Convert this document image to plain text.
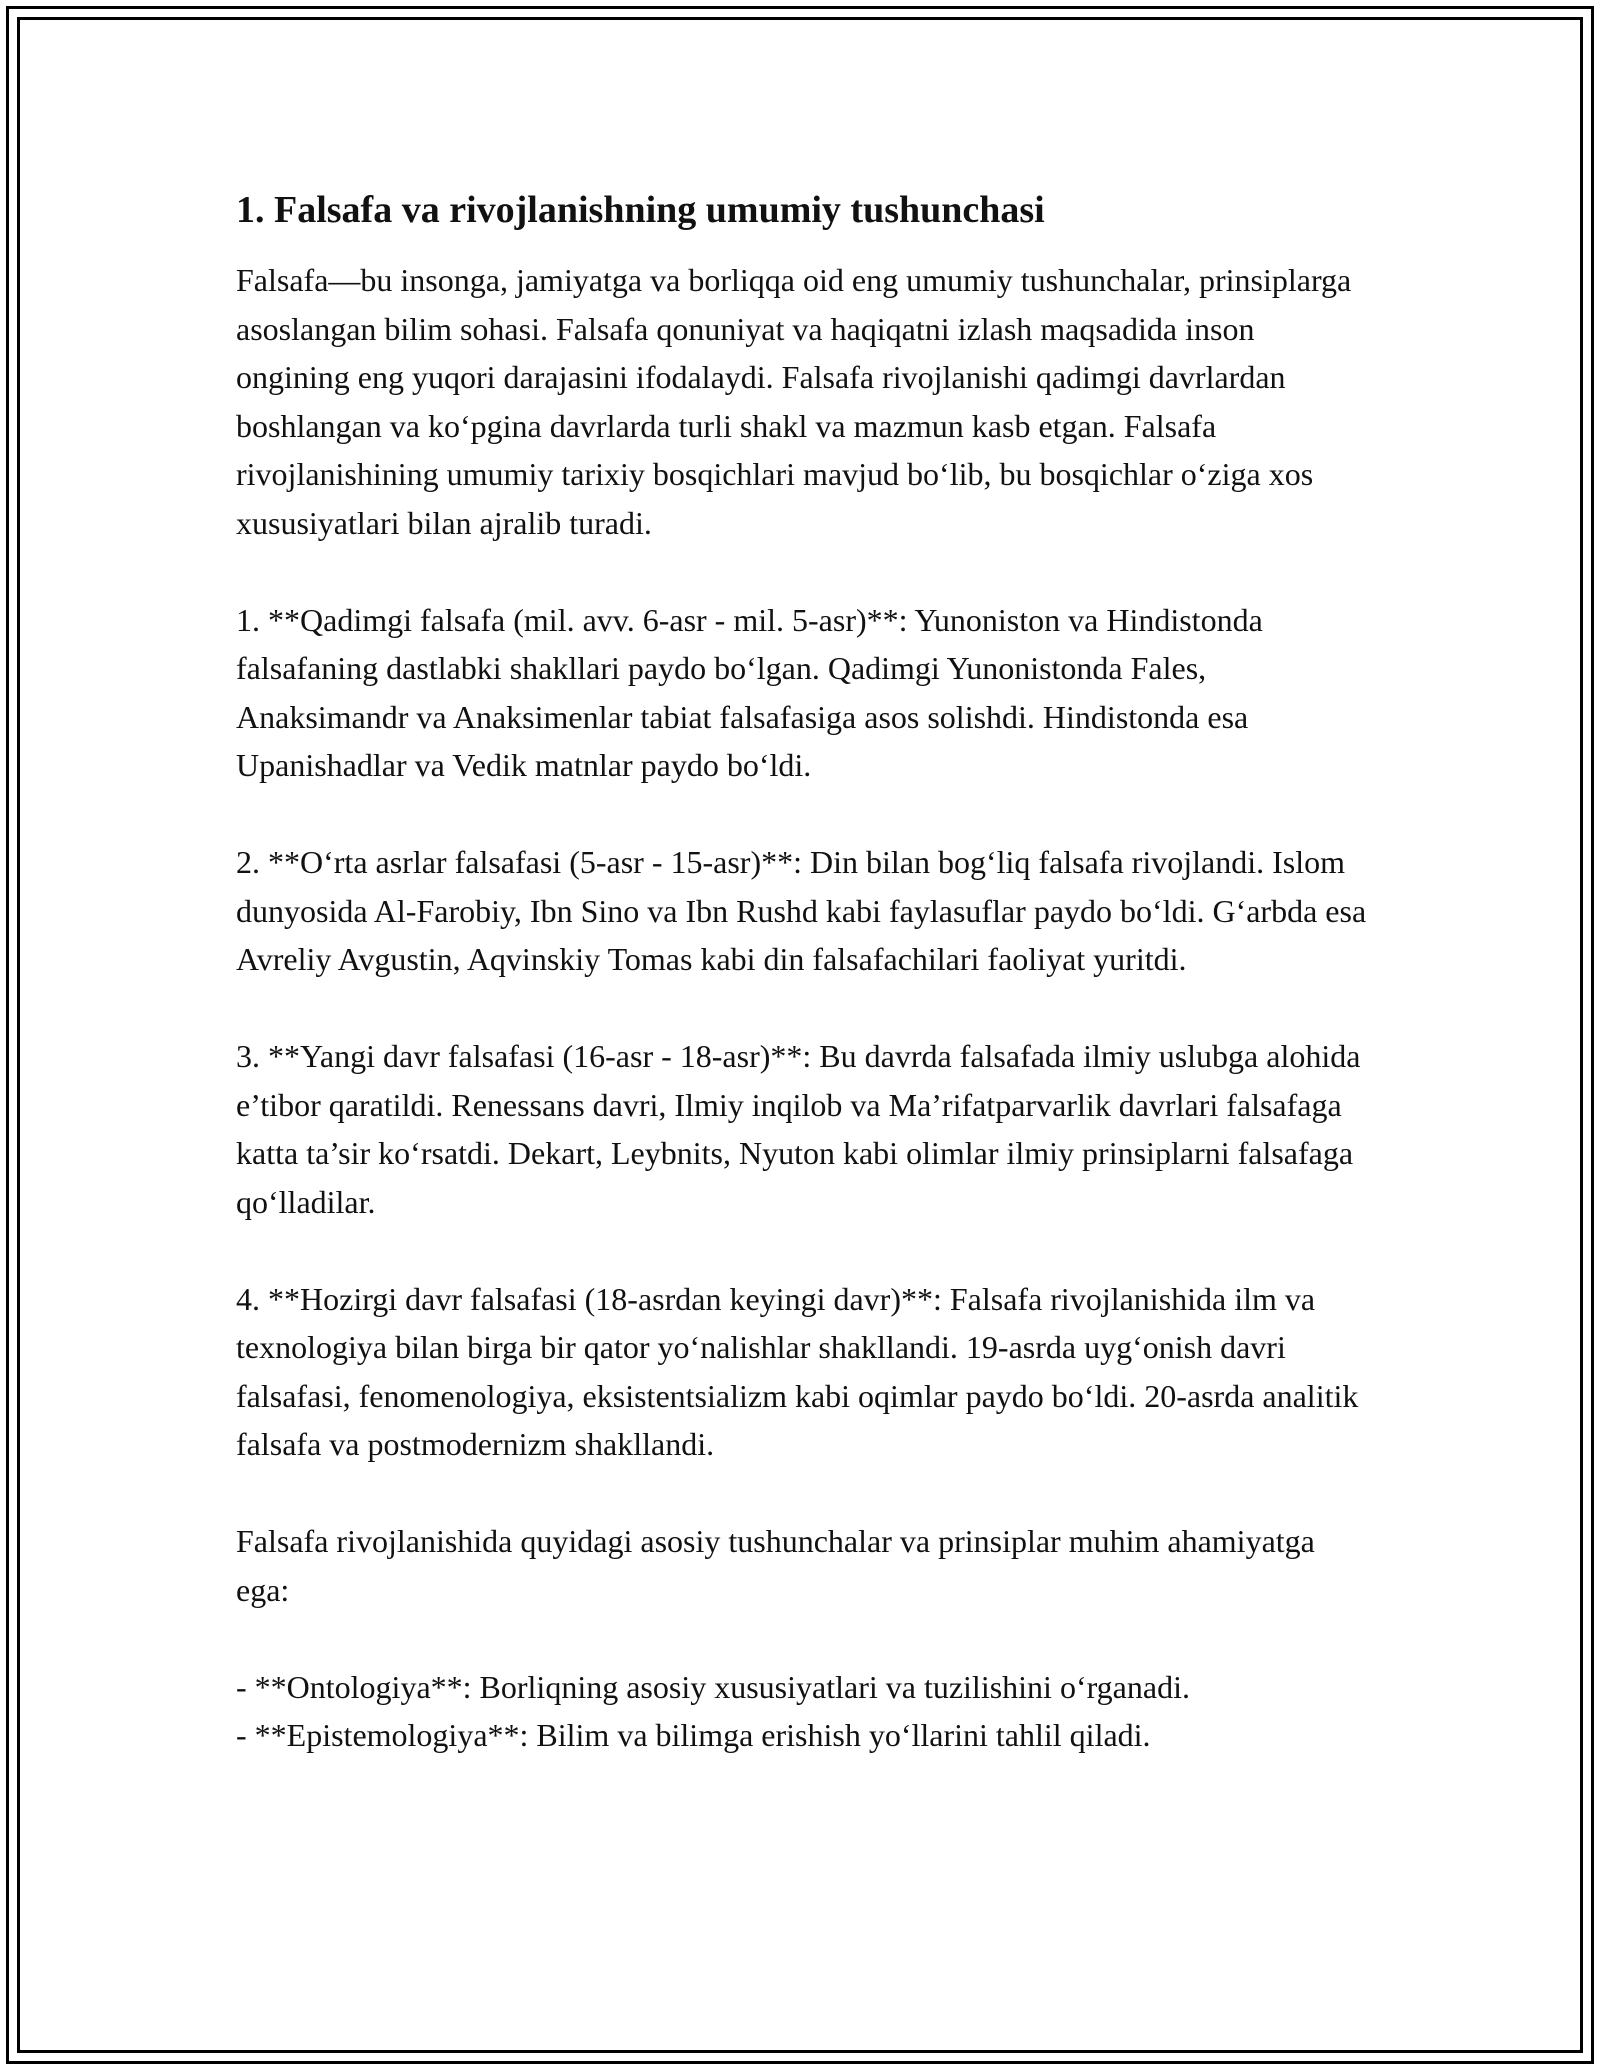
1. Falsafa va rivojlanishning umumiy tushunchasi
Falsafa—bu insonga, jamiyatga va borliqqa oid eng umumiy tushunchalar, prinsiplarga asoslangan bilim sohasi. Falsafa qonuniyat va haqiqatni izlash maqsadida inson ongining eng yuqori darajasini ifodalaydi. Falsafa rivojlanishi qadimgi davrlardan boshlangan va ko‘pgina davrlarda turli shakl va mazmun kasb etgan. Falsafa rivojlanishining umumiy tarixiy bosqichlari mavjud bo‘lib, bu bosqichlar o‘ziga xos xususiyatlari bilan ajralib turadi.
1. **Qadimgi falsafa (mil. avv. 6-asr - mil. 5-asr)**: Yunoniston va Hindistonda falsafaning dastlabki shakllari paydo bo‘lgan. Qadimgi Yunonistonda Fales, Anaksimandr va Anaksimenlar tabiat falsafasiga asos solishdi. Hindistonda esa Upanishadlar va Vedik matnlar paydo bo‘ldi.
2. **O‘rta asrlar falsafasi (5-asr - 15-asr)**: Din bilan bog‘liq falsafa rivojlandi. Islom dunyosida Al-Farobiy, Ibn Sino va Ibn Rushd kabi faylasuflar paydo bo‘ldi. G‘arbda esa Avreliy Avgustin, Aqvinskiy Tomas kabi din falsafachilari faoliyat yuritdi.
3. **Yangi davr falsafasi (16-asr - 18-asr)**: Bu davrda falsafada ilmiy uslubga alohida e’tibor qaratildi. Renessans davri, Ilmiy inqilob va Ma’rifatparvarlik davrlari falsafaga katta ta’sir ko‘rsatdi. Dekart, Leybnits, Nyuton kabi olimlar ilmiy prinsiplarni falsafaga qo‘lladilar.
4. **Hozirgi davr falsafasi (18-asrdan keyingi davr)**: Falsafa rivojlanishida ilm va texnologiya bilan birga bir qator yo‘nalishlar shakllandi. 19-asrda uyg‘onish davri falsafasi, fenomenologiya, eksistentsializm kabi oqimlar paydo bo‘ldi. 20-asrda analitik falsafa va postmodernizm shakllandi.
Falsafa rivojlanishida quyidagi asosiy tushunchalar va prinsiplar muhim ahamiyatga ega:
- **Ontologiya**: Borliqning asosiy xususiyatlari va tuzilishini o‘rganadi.
- **Epistemologiya**: Bilim va bilimga erishish yo‘llarini tahlil qiladi.
